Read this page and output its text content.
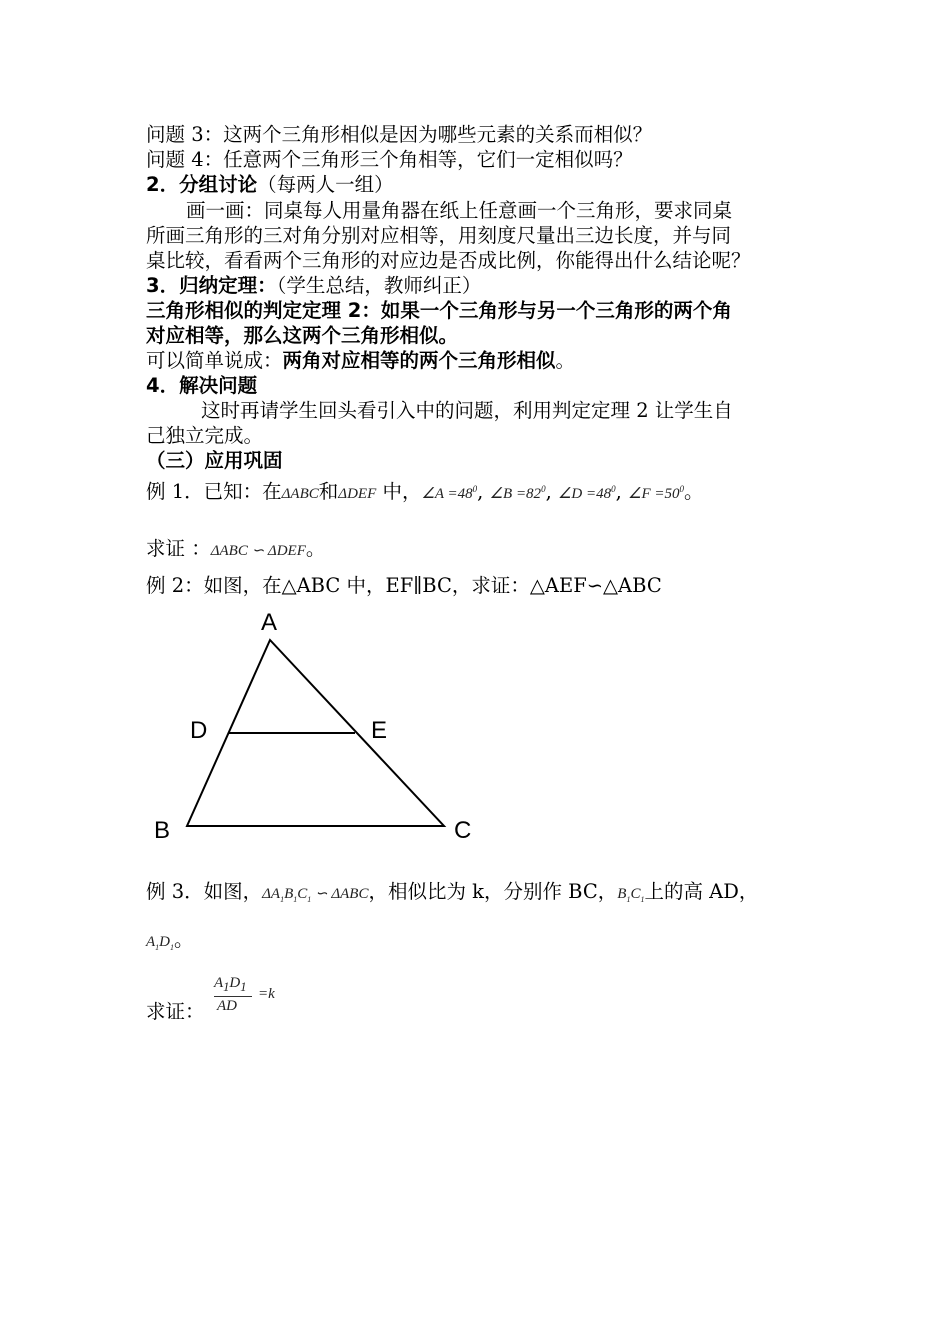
问题 3：这两个三角形相似是因为哪些元素的关系而相似？
问题 4：任意两个三角形三个角相等，它们一定相似吗？
2．分组讨论（每两人一组）
画一画：同桌每人用量角器在纸上任意画一个三角形，要求同桌
所画三角形的三对角分别对应相等，用刻度尺量出三边长度，并与同
桌比较，看看两个三角形的对应边是否成比例，你能得出什么结论呢？
3．归纳定理：（学生总结，教师纠正）
三角形相似的判定定理 2：如果一个三角形与另一个三角形的两个角
对应相等，那么这两个三角形相似。
可以简单说成：两角对应相等的两个三角形相似。
4．解决问题
这时再请学生回头看引入中的问题，利用判定定理 2 让学生自
己独立完成。
（三）应用巩固
例 1．已知：在ΔABC和ΔDEF 中，∠A $=48^0$, ∠B $=82^0$, ∠D $=48^0$, ∠F $=50^0$。
求证 ：ΔABC ∽ ΔDEF。
例 2：如图，在△ABC 中，EF∥BC，求证：△AEF∽△ABC
A
D	E
B	C
例 3．如图，$\Delta A_1B_1C_1$ ∽ ΔABC，相似比为 k，分别作 BC，$B_1C_1$上的高 AD，
$A_1D_1$。
求证：
$A_1D_1$
AD
=k
